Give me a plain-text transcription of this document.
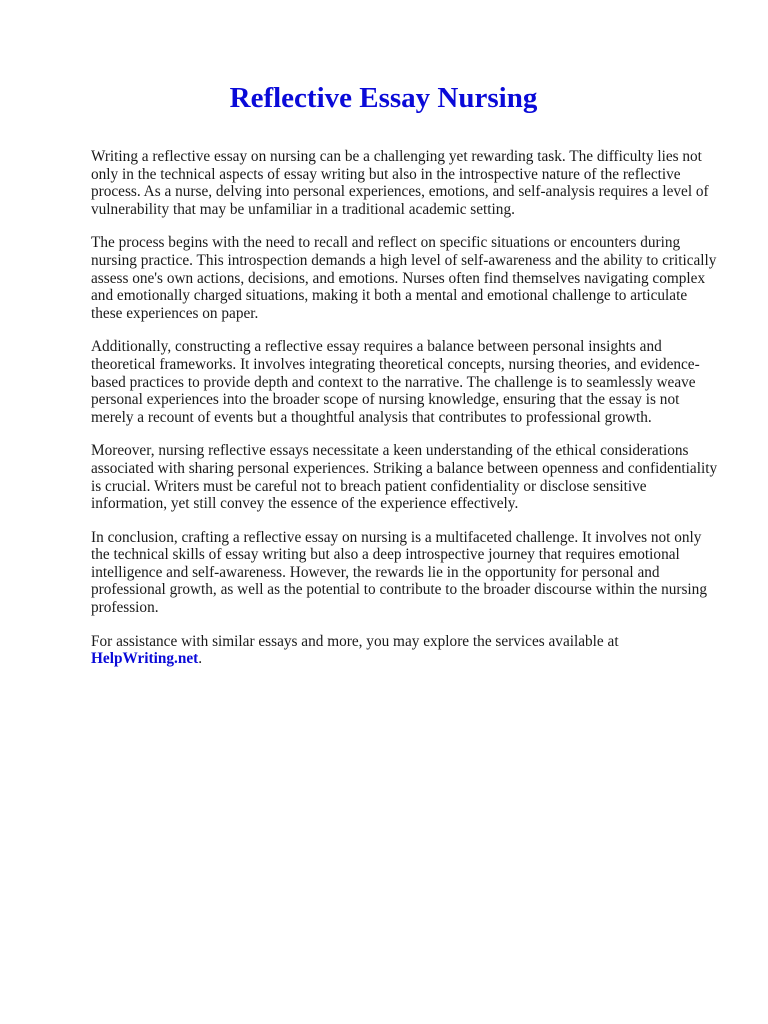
Reflective Essay Nursing

Writing a reflective essay on nursing can be a challenging yet rewarding task. The difficulty lies not only in the technical aspects of essay writing but also in the introspective nature of the reflective process. As a nurse, delving into personal experiences, emotions, and self-analysis requires a level of vulnerability that may be unfamiliar in a traditional academic setting.

The process begins with the need to recall and reflect on specific situations or encounters during nursing practice. This introspection demands a high level of self-awareness and the ability to critically assess one's own actions, decisions, and emotions. Nurses often find themselves navigating complex and emotionally charged situations, making it both a mental and emotional challenge to articulate these experiences on paper.

Additionally, constructing a reflective essay requires a balance between personal insights and theoretical frameworks. It involves integrating theoretical concepts, nursing theories, and evidence-based practices to provide depth and context to the narrative. The challenge is to seamlessly weave personal experiences into the broader scope of nursing knowledge, ensuring that the essay is not merely a recount of events but a thoughtful analysis that contributes to professional growth.

Moreover, nursing reflective essays necessitate a keen understanding of the ethical considerations associated with sharing personal experiences. Striking a balance between openness and confidentiality is crucial. Writers must be careful not to breach patient confidentiality or disclose sensitive information, yet still convey the essence of the experience effectively.

In conclusion, crafting a reflective essay on nursing is a multifaceted challenge. It involves not only the technical skills of essay writing but also a deep introspective journey that requires emotional intelligence and self-awareness. However, the rewards lie in the opportunity for personal and professional growth, as well as the potential to contribute to the broader discourse within the nursing profession.

For assistance with similar essays and more, you may explore the services available at
HelpWriting.net.
